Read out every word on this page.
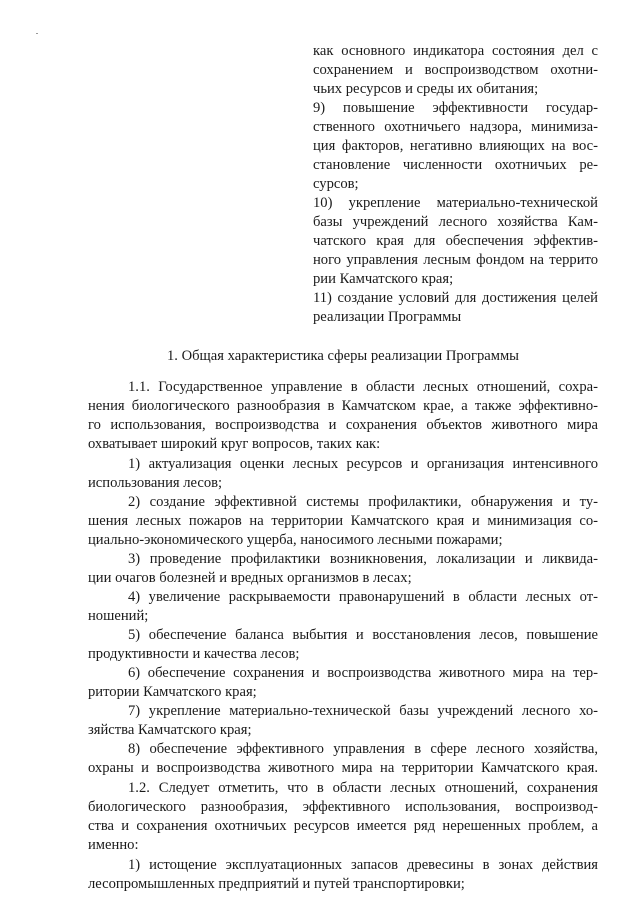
как основного индикатора состояния дел с

сохранением и воспроизводством охотни-

чьих ресурсов и среды их обитания;

9) повышение эффективности государ-

ственного охотничьего надзора, минимиза-

ция факторов, негативно влияющих на вос-

становление численности охотничьих ре-

сурсов;

10) укрепление материально-технической

базы учреждений лесного хозяйства Кам-

чатского края для обеспечения эффектив-

ного управления лесным фондом на террито

рии Камчатского края;

11) создание условий для достижения целей

реализации Программы

1. Общая характеристика сферы реализации Программы

1.1. Государственное управление в области лесных отношений, сохра-

нения биологического разнообразия в Камчатском крае, а также эффективно-

го использования, воспроизводства и сохранения объектов животного мира

охватывает широкий круг вопросов, таких как:

1) актуализация оценки лесных ресурсов и организация интенсивного

использования лесов;

2) создание эффективной системы профилактики, обнаружения и ту-

шения лесных пожаров на территории Камчатского края и минимизация со-

циально-экономического ущерба, наносимого лесными пожарами;

3) проведение профилактики возникновения, локализации и ликвида-

ции очагов болезней и вредных организмов в лесах;

4) увеличение раскрываемости правонарушений в области лесных от-

ношений;

5) обеспечение баланса выбытия и восстановления лесов, повышение

продуктивности и качества лесов;

6) обеспечение сохранения и воспроизводства животного мира на тер-

ритории Камчатского края;

7) укрепление материально-технической базы учреждений лесного хо-

зяйства Камчатского края;

8) обеспечение эффективного управления в сфере лесного хозяйства,

охраны и воспроизводства животного мира на территории Камчатского края.

1.2. Следует отметить, что в области лесных отношений, сохранения

биологического разнообразия, эффективного использования, воспроизвод-

ства и сохранения охотничьих ресурсов имеется ряд нерешенных проблем, а

именно:

1) истощение эксплуатационных запасов древесины в зонах действия

лесопромышленных предприятий и путей транспортировки;
